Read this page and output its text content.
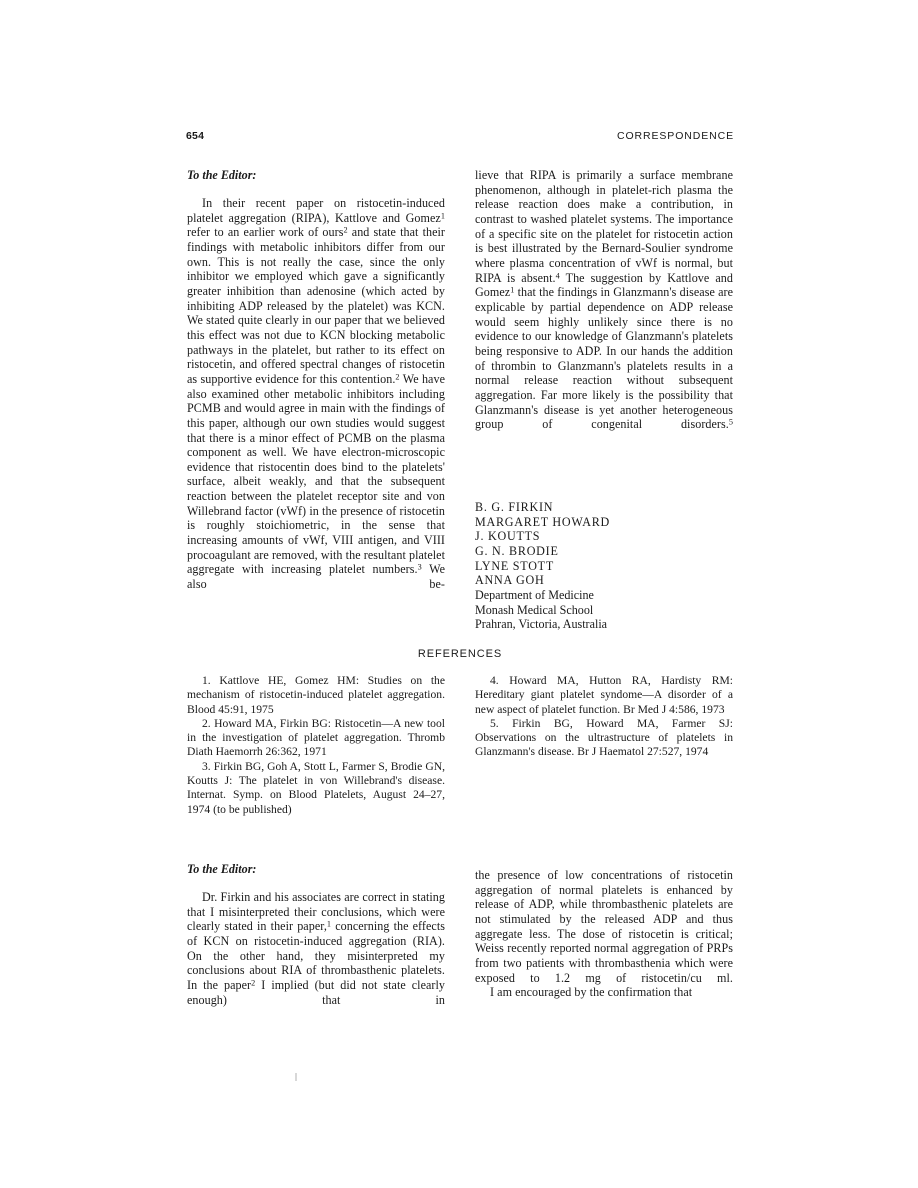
654	CORRESPONDENCE

To the Editor:

In their recent paper on ristocetin-induced platelet aggregation (RIPA), Kattlove and Gomez$^1$ refer to an earlier work of ours$^2$ and state that their findings with metabolic inhibitors differ from our own. This is not really the case, since the only inhibitor we employed which gave a significantly greater inhibition than adenosine (which acted by inhibiting ADP released by the platelet) was KCN. We stated quite clearly in our paper that we believed this effect was not due to KCN blocking metabolic pathways in the platelet, but rather to its effect on ristocetin, and offered spectral changes of ristocetin as supportive evidence for this contention.$^2$ We have also examined other metabolic inhibitors including PCMB and would agree in main with the findings of this paper, although our own studies would suggest that there is a minor effect of PCMB on the plasma component as well. We have electron-microscopic evidence that ristocentin does bind to the platelets' surface, albeit weakly, and that the subsequent reaction between the platelet receptor site and von Willebrand factor (vWf) in the presence of ristocetin is roughly stoichiometric, in the sense that increasing amounts of vWf, VIII antigen, and VIII procoagulant are removed, with the resultant platelet aggregate with increasing platelet numbers.$^3$ We also be-

lieve that RIPA is primarily a surface membrane phenomenon, although in platelet-rich plasma the release reaction does make a contribution, in contrast to washed platelet systems. The importance of a specific site on the platelet for ristocetin action is best illustrated by the Bernard-Soulier syndrome where plasma concentration of vWf is normal, but RIPA is absent.$^4$ The suggestion by Kattlove and Gomez$^1$ that the findings in Glanzmann's disease are explicable by partial dependence on ADP release would seem highly unlikely since there is no evidence to our knowledge of Glanzmann's platelets being responsive to ADP. In our hands the addition of thrombin to Glanzmann's platelets results in a normal release reaction without subsequent aggregation. Far more likely is the possibility that Glanzmann's disease is yet another heterogeneous group of congenital disorders.$^5$

B. G. FIRKIN

MARGARET HOWARD

J. KOUTTS

G. N. BRODIE

LYNE STOTT

ANNA GOH

Department of Medicine

Monash Medical School

Prahran, Victoria, Australia

REFERENCES

1. Kattlove HE, Gomez HM: Studies on the mechanism of ristocetin-induced platelet aggregation. Blood 45:91, 1975

2. Howard MA, Firkin BG: Ristocetin—A new tool in the investigation of platelet aggregation. Thromb Diath Haemorrh 26:362, 1971

3. Firkin BG, Goh A, Stott L, Farmer S, Brodie GN, Koutts J: The platelet in von Willebrand's disease. Internat. Symp. on Blood Platelets, August 24–27, 1974 (to be published)

4. Howard MA, Hutton RA, Hardisty RM: Hereditary giant platelet syndome—A disorder of a new aspect of platelet function. Br Med J 4:586, 1973

5. Firkin BG, Howard MA, Farmer SJ: Observations on the ultrastructure of platelets in Glanzmann's disease. Br J Haematol 27:527, 1974

To the Editor:

Dr. Firkin and his associates are correct in stating that I misinterpreted their conclusions, which were clearly stated in their paper,$^1$ concerning the effects of KCN on ristocetin-induced aggregation (RIA). On the other hand, they misinterpreted my conclusions about RIA of thrombasthenic platelets. In the paper$^2$ I implied (but did not state clearly enough) that in

the presence of low concentrations of ristocetin aggregation of normal platelets is enhanced by release of ADP, while thrombasthenic platelets are not stimulated by the released ADP and thus aggregate less. The dose of ristocetin is critical; Weiss recently reported normal aggregation of PRPs from two patients with thrombasthenia which were exposed to 1.2 mg of ristocetin/cu ml.

I am encouraged by the confirmation that
